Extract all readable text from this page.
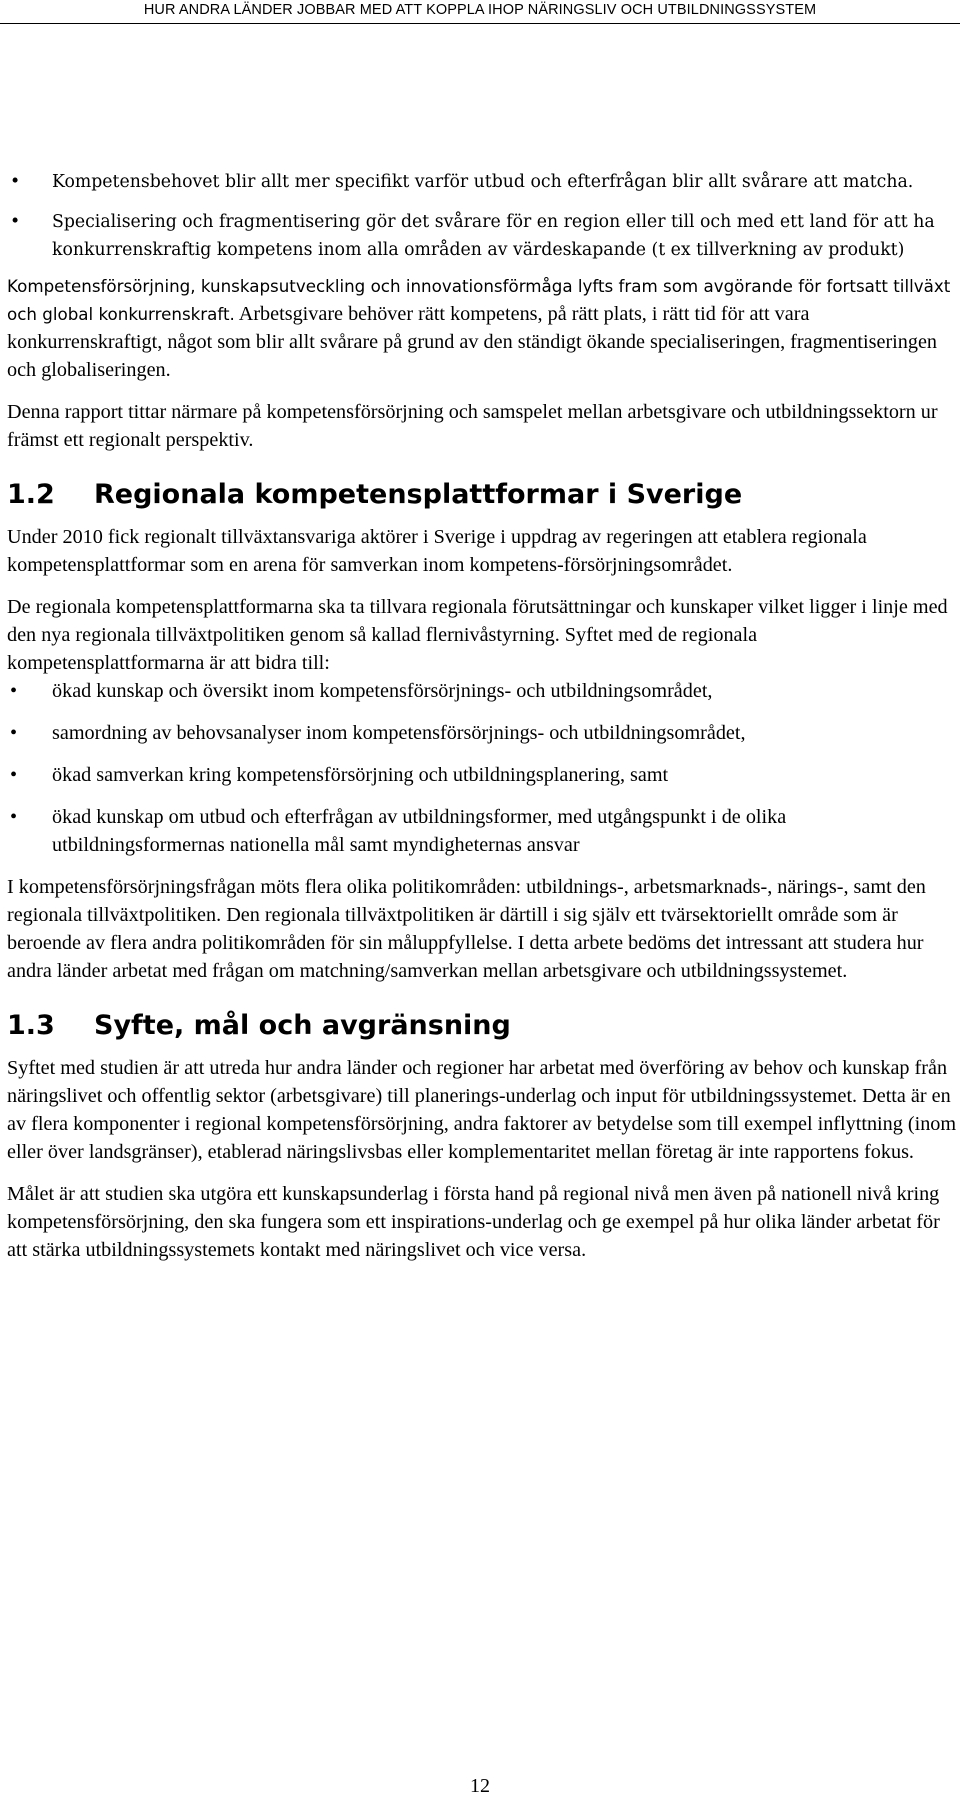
HUR ANDRA LÄNDER JOBBAR MED ATT KOPPLA IHOP NÄRINGSLIV OCH UTBILDNINGSSYSTEM
• Kompetensbehovet blir allt mer specifikt varför utbud och efterfrågan blir allt svårare att matcha.
• Specialisering och fragmentisering gör det svårare för en region eller till och med ett land för att ha konkurrenskraftig kompetens inom alla områden av värdeskapande (t ex tillverkning av produkt)

Kompetensförsörjning, kunskapsutveckling och innovationsförmåga lyfts fram som avgörande för fortsatt tillväxt och global konkurrenskraft. Arbetsgivare behöver rätt kompetens, på rätt plats, i rätt tid för att vara konkurrenskraftigt, något som blir allt svårare på grund av den ständigt ökande specialiseringen, fragmentiseringen och globaliseringen.

Denna rapport tittar närmare på kompetensförsörjning och samspelet mellan arbetsgivare och utbildningssektorn ur främst ett regionalt perspektiv.

1.2 Regionala kompetensplattformar i Sverige

Under 2010 fick regionalt tillväxtansvariga aktörer i Sverige i uppdrag av regeringen att etablera regionala kompetensplattformar som en arena för samverkan inom kompetens-försörjningsområdet.

De regionala kompetensplattformarna ska ta tillvara regionala förutsättningar och kunskaper vilket ligger i linje med den nya regionala tillväxtpolitiken genom så kallad flernivåstyrning. Syftet med de regionala kompetensplattformarna är att bidra till:

• ökad kunskap och översikt inom kompetensförsörjnings- och utbildningsområdet,
• samordning av behovsanalyser inom kompetensförsörjnings- och utbildningsområdet,
• ökad samverkan kring kompetensförsörjning och utbildningsplanering, samt
• ökad kunskap om utbud och efterfrågan av utbildningsformer, med utgångspunkt i de olika utbildningsformernas nationella mål samt myndigheternas ansvar

I kompetensförsörjningsfrågan möts flera olika politikområden: utbildnings-, arbetsmarknads-, närings-, samt den regionala tillväxtpolitiken. Den regionala tillväxtpolitiken är därtill i sig själv ett tvärsektoriellt område som är beroende av flera andra politikområden för sin måluppfyllelse. I detta arbete bedöms det intressant att studera hur andra länder arbetat med frågan om matchning/samverkan mellan arbetsgivare och utbildningssystemet.

1.3 Syfte, mål och avgränsning

Syftet med studien är att utreda hur andra länder och regioner har arbetat med överföring av behov och kunskap från näringslivet och offentlig sektor (arbetsgivare) till planerings-underlag och input för utbildningssystemet. Detta är en av flera komponenter i regional kompetensförsörjning, andra faktorer av betydelse som till exempel inflyttning (inom eller över landsgränser), etablerad näringslivsbas eller komplementaritet mellan företag är inte rapportens fokus.

Målet är att studien ska utgöra ett kunskapsunderlag i första hand på regional nivå men även på nationell nivå kring kompetensförsörjning, den ska fungera som ett inspirations-underlag och ge exempel på hur olika länder arbetat för att stärka utbildningssystemets kontakt med näringslivet och vice versa.

12
